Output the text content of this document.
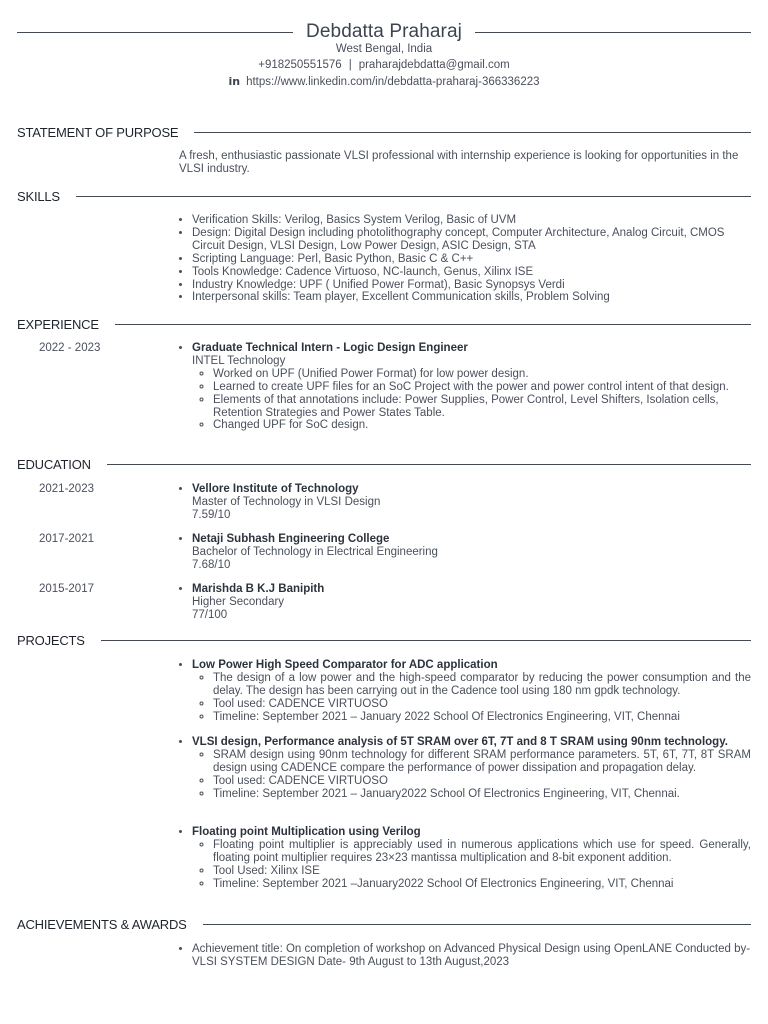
Debdatta Praharaj
West Bengal, India
+918250551576 | praharajdebdatta@gmail.com
in https://www.linkedin.com/in/debdatta-praharaj-366336223
STATEMENT OF PURPOSE
A fresh, enthusiastic passionate VLSI professional with internship experience is looking for opportunities in the VLSI industry.
SKILLS
• Verification Skills: Verilog, Basics System Verilog, Basic of UVM
• Design: Digital Design including photolithography concept, Computer Architecture, Analog Circuit, CMOS Circuit Design, VLSI Design, Low Power Design, ASIC Design, STA
• Scripting Language: Perl, Basic Python, Basic C & C++
• Tools Knowledge: Cadence Virtuoso, NC-launch, Genus, Xilinx ISE
• Industry Knowledge: UPF ( Unified Power Format), Basic Synopsys Verdi
• Interpersonal skills: Team player, Excellent Communication skills, Problem Solving
EXPERIENCE
2022 - 2023	• Graduate Technical Intern - Logic Design Engineer
INTEL Technology
◦ Worked on UPF (Unified Power Format) for low power design.
◦ Learned to create UPF files for an SoC Project with the power and power control intent of that design.
◦ Elements of that annotations include: Power Supplies, Power Control, Level Shifters, Isolation cells, Retention Strategies and Power States Table.
◦ Changed UPF for SoC design.
EDUCATION
2021-2023	• Vellore Institute of Technology
Master of Technology in VLSI Design
7.59/10
2017-2021	• Netaji Subhash Engineering College
Bachelor of Technology in Electrical Engineering
7.68/10
2015-2017	• Marishda B K.J Banipith
Higher Secondary
77/100
PROJECTS
• Low Power High Speed Comparator for ADC application
◦ The design of a low power and the high-speed comparator by reducing the power consumption and the delay. The design has been carrying out in the Cadence tool using 180 nm gpdk technology.
◦ Tool used: CADENCE VIRTUOSO
◦ Timeline: September 2021 – January 2022 School Of Electronics Engineering, VIT, Chennai
• VLSI design, Performance analysis of 5T SRAM over 6T, 7T and 8 T SRAM using 90nm technology.
◦ SRAM design using 90nm technology for different SRAM performance parameters. 5T, 6T, 7T, 8T SRAM design using CADENCE compare the performance of power dissipation and propagation delay.
◦ Tool used: CADENCE VIRTUOSO
◦ Timeline: September 2021 – January2022 School Of Electronics Engineering, VIT, Chennai.
• Floating point Multiplication using Verilog
◦ Floating point multiplier is appreciably used in numerous applications which use for speed. Generally, floating point multiplier requires 23×23 mantissa multiplication and 8-bit exponent addition.
◦ Tool Used: Xilinx ISE
◦ Timeline: September 2021 –January2022 School Of Electronics Engineering, VIT, Chennai
ACHIEVEMENTS & AWARDS
• Achievement title: On completion of workshop on Advanced Physical Design using OpenLANE Conducted by- VLSI SYSTEM DESIGN Date- 9th August to 13th August,2023
